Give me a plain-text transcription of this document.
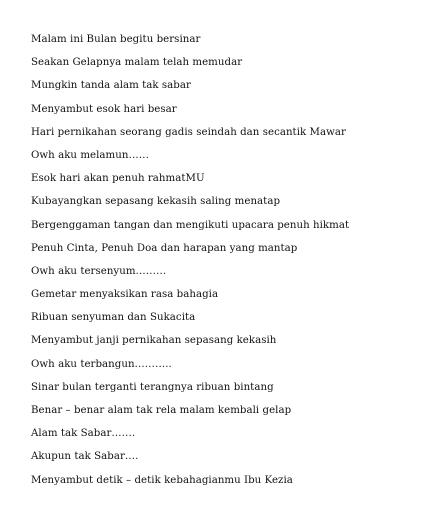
Malam ini Bulan begitu bersinar
Seakan Gelapnya malam telah memudar
Mungkin tanda alam tak sabar
Menyambut esok hari besar
Hari pernikahan seorang gadis seindah dan secantik Mawar
Owh aku melamun……
Esok hari akan penuh rahmatMU
Kubayangkan sepasang kekasih saling menatap
Bergenggaman tangan dan mengikuti upacara penuh hikmat
Penuh Cinta, Penuh Doa dan harapan yang mantap
Owh aku tersenyum………
Gemetar menyaksikan rasa bahagia
Ribuan senyuman dan Sukacita
Menyambut janji pernikahan sepasang kekasih
Owh aku terbangun………..
Sinar bulan terganti terangnya ribuan bintang
Benar – benar alam tak rela malam kembali gelap
Alam tak Sabar…….
Akupun tak Sabar….
Menyambut detik – detik kebahagianmu Ibu Kezia
